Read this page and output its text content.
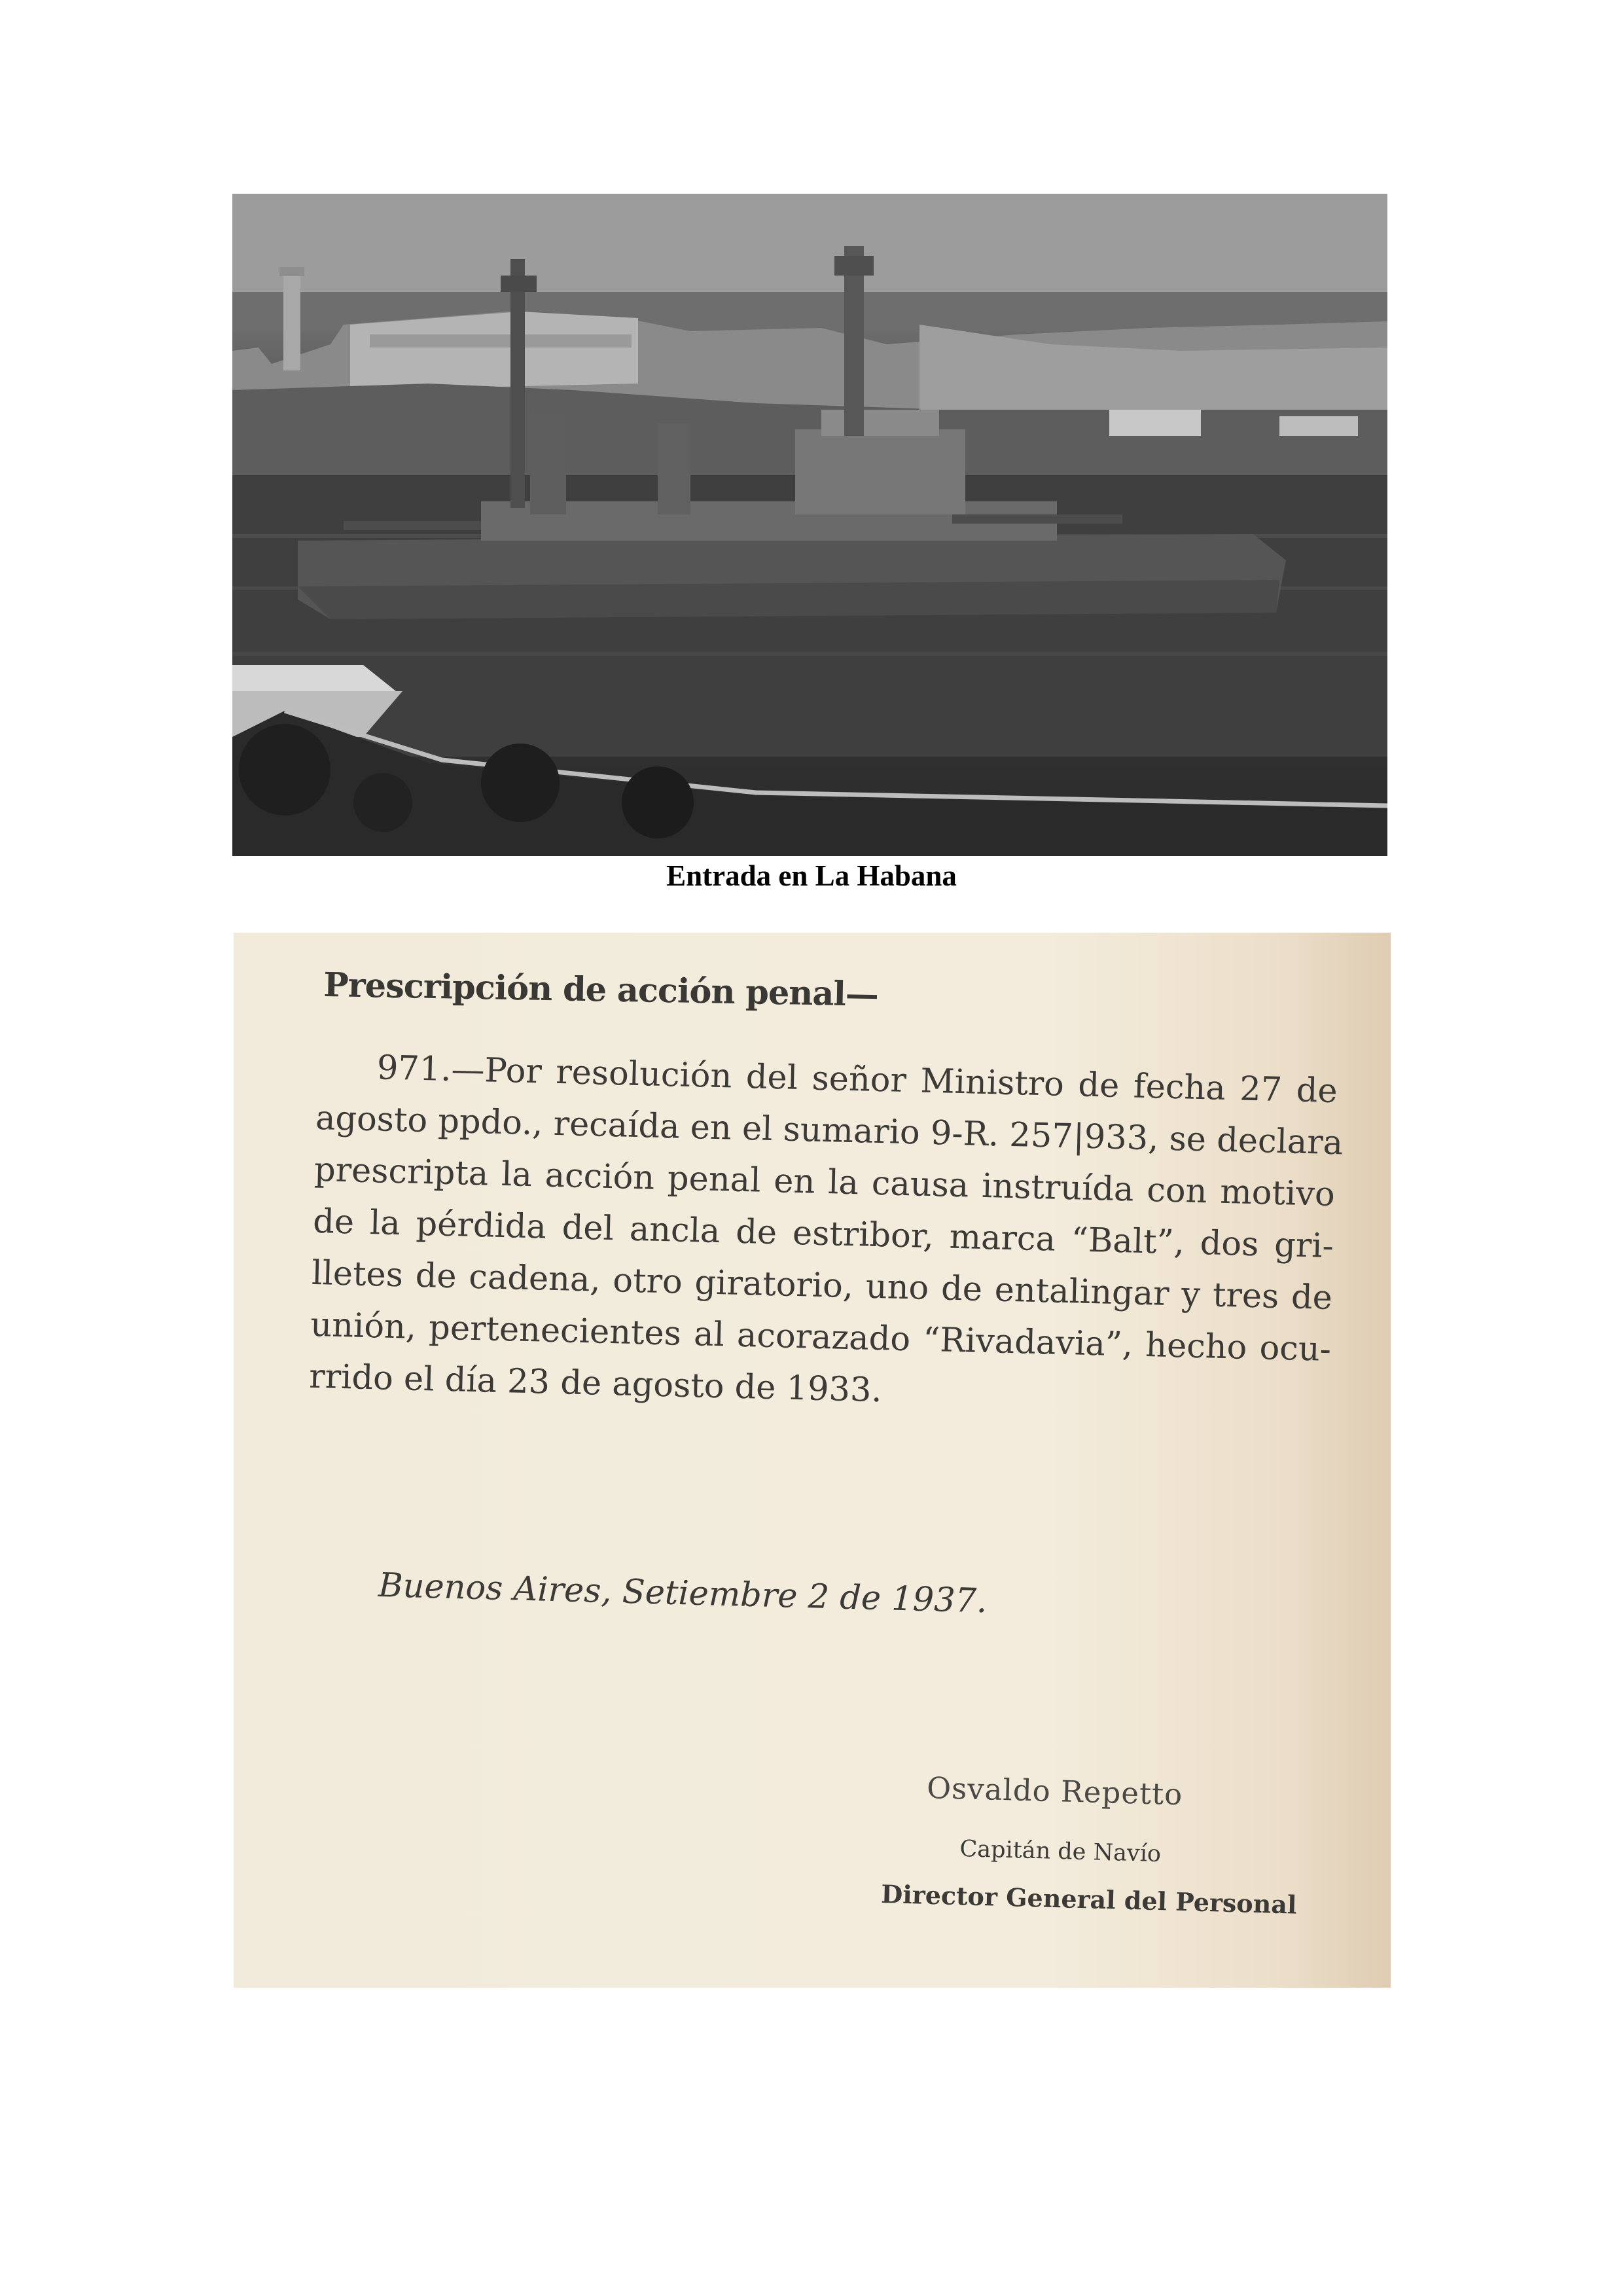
Entrada en La Habana

Prescripción de acción penal—

971.—Por resolución del señor Ministro de fecha 27 de
agosto ppdo., recaída en el sumario 9-R. 257|933, se declara
prescripta la acción penal en la causa instruída con motivo
de la pérdida del ancla de estribor, marca “Balt”, dos gri-
lletes de cadena, otro giratorio, uno de entalingar y tres de
unión, pertenecientes al acorazado “Rivadavia”, hecho ocu-
rrido el día 23 de agosto de 1933.

Buenos Aires, Setiembre 2 de 1937.

Osvaldo Repetto

Capitán de Navío

Director General del Personal
